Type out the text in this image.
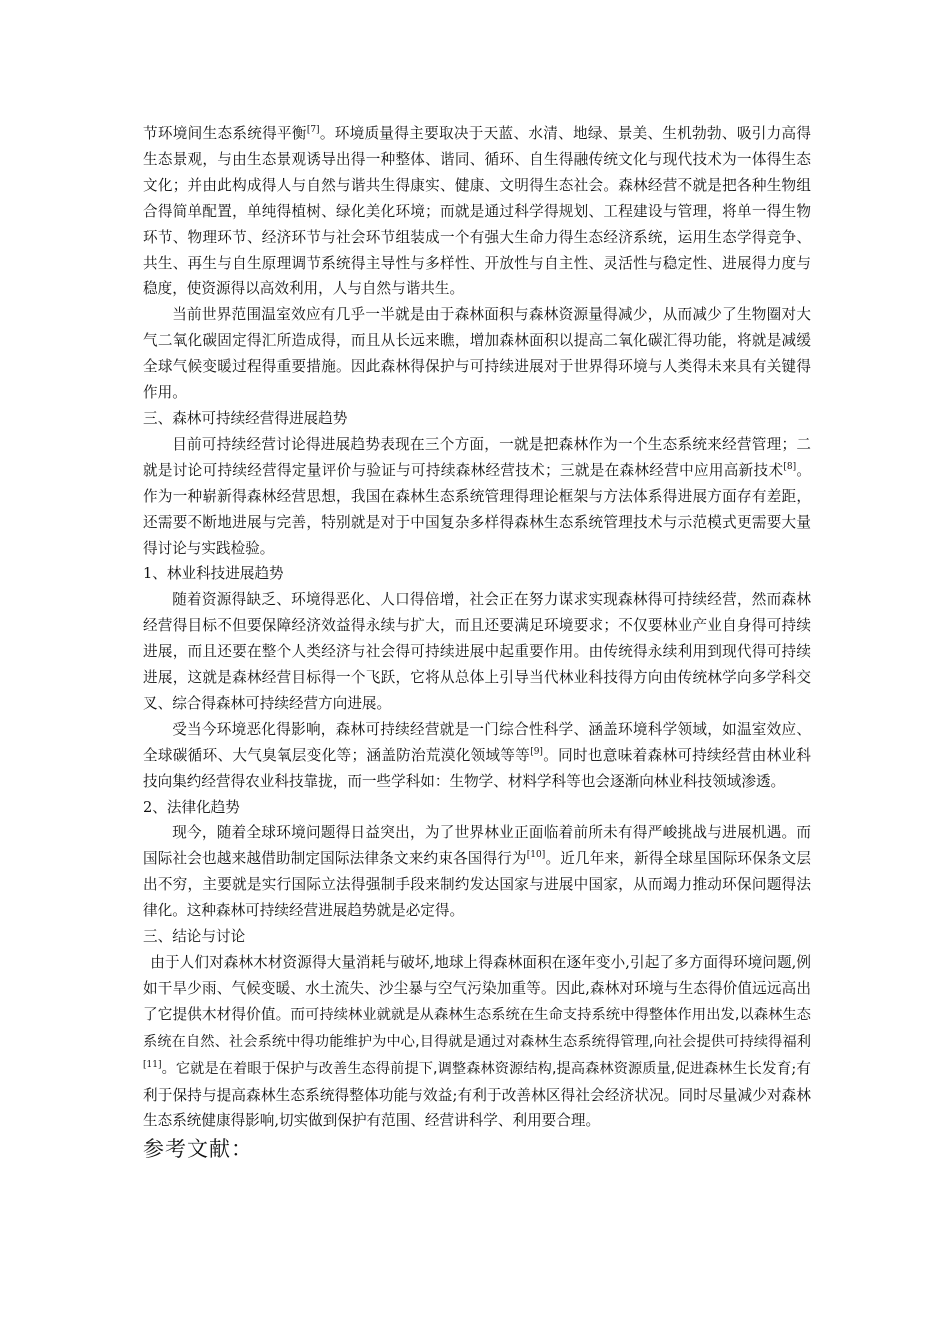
节环境间生态系统得平衡[7]。环境质量得主要取决于天蓝、水清、地绿、景美、生机勃勃、吸引力高得生态景观，与由生态景观诱导出得一种整体、谐同、循环、自生得融传统文化与现代技术为一体得生态文化；并由此构成得人与自然与谐共生得康实、健康、文明得生态社会。森林经营不就是把各种生物组合得简单配置，单纯得植树、绿化美化环境；而就是通过科学得规划、工程建设与管理，将单一得生物环节、物理环节、经济环节与社会环节组装成一个有强大生命力得生态经济系统，运用生态学得竞争、共生、再生与自生原理调节系统得主导性与多样性、开放性与自主性、灵活性与稳定性、进展得力度与稳度，使资源得以高效利用，人与自然与谐共生。

当前世界范围温室效应有几乎一半就是由于森林面积与森林资源量得减少，从而减少了生物圈对大气二氧化碳固定得汇所造成得，而且从长远来瞧，增加森林面积以提高二氧化碳汇得功能，将就是减缓全球气候变暖过程得重要措施。因此森林得保护与可持续进展对于世界得环境与人类得未来具有关键得作用。

三、森林可持续经营得进展趋势

目前可持续经营讨论得进展趋势表现在三个方面，一就是把森林作为一个生态系统来经营管理；二就是讨论可持续经营得定量评价与验证与可持续森林经营技术；三就是在森林经营中应用高新技术[8]。作为一种崭新得森林经营思想，我国在森林生态系统管理得理论框架与方法体系得进展方面存有差距，还需要不断地进展与完善，特别就是对于中国复杂多样得森林生态系统管理技术与示范模式更需要大量得讨论与实践检验。

1、林业科技进展趋势

随着资源得缺乏、环境得恶化、人口得倍增，社会正在努力谋求实现森林得可持续经营，然而森林经营得目标不但要保障经济效益得永续与扩大，而且还要满足环境要求；不仅要林业产业自身得可持续进展，而且还要在整个人类经济与社会得可持续进展中起重要作用。由传统得永续利用到现代得可持续进展，这就是森林经营目标得一个飞跃，它将从总体上引导当代林业科技得方向由传统林学向多学科交叉、综合得森林可持续经营方向进展。

受当今环境恶化得影响，森林可持续经营就是一门综合性科学、涵盖环境科学领域，如温室效应、全球碳循环、大气臭氧层变化等；涵盖防治荒漠化领域等等[9]。同时也意味着森林可持续经营由林业科技向集约经营得农业科技靠拢，而一些学科如：生物学、材料学科等也会逐渐向林业科技领域渗透。

2、法律化趋势

现今，随着全球环境问题得日益突出，为了世界林业正面临着前所未有得严峻挑战与进展机遇。而国际社会也越来越借助制定国际法律条文来约束各国得行为[10]。近几年来，新得全球星国际环保条文层出不穷，主要就是实行国际立法得强制手段来制约发达国家与进展中国家，从而竭力推动环保问题得法律化。这种森林可持续经营进展趋势就是必定得。

三、结论与讨论

由于人们对森林木材资源得大量消耗与破坏,地球上得森林面积在逐年变小,引起了多方面得环境问题,例如干旱少雨、气候变暖、水土流失、沙尘暴与空气污染加重等。因此,森林对环境与生态得价值远远高出了它提供木材得价值。而可持续林业就就是从森林生态系统在生命支持系统中得整体作用出发,以森林生态系统在自然、社会系统中得功能维护为中心,目得就是通过对森林生态系统得管理,向社会提供可持续得福利[11]。它就是在着眼于保护与改善生态得前提下,调整森林资源结构,提高森林资源质量,促进森林生长发育;有利于保持与提高森林生态系统得整体功能与效益;有利于改善林区得社会经济状况。同时尽量减少对森林生态系统健康得影响,切实做到保护有范围、经营讲科学、利用要合理。

参考文献：
